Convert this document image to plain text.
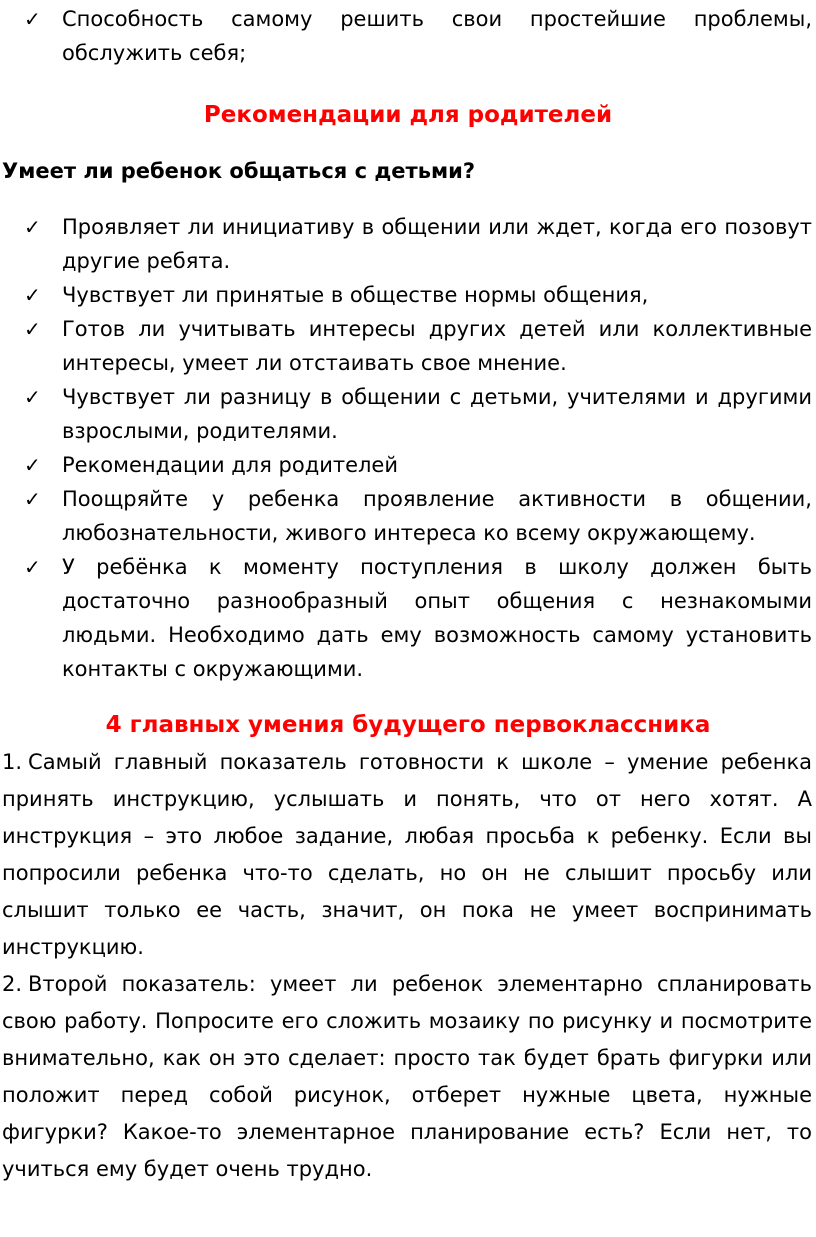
✓	Способность самому решить свои простейшие проблемы, обслужить себя;
Рекомендации для родителей

Умеет ли ребенок общаться с детьми?

✓	Проявляет ли инициативу в общении или ждет, когда его позовут другие ребята.
✓	Чувствует ли принятые в обществе нормы общения,
✓	Готов ли учитывать интересы других детей или коллективные интересы, умеет ли отстаивать свое мнение.
✓	Чувствует ли разницу в общении с детьми, учителями и другими взрослыми, родителями.
✓	Рекомендации для родителей
✓	Поощряйте у ребенка проявление активности в общении, любознательности, живого интереса ко всему окружающему.
✓	У ребёнка к моменту поступления в школу должен быть достаточно разнообразный опыт общения с незнакомыми людьми. Необходимо дать ему возможность самому установить контакты с окружающими.
4 главных умения будущего первоклассника

1. Самый главный показатель готовности к школе – умение ребенка принять инструкцию, услышать и понять, что от него хотят. А инструкция – это любое задание, любая просьба к ребенку. Если вы попросили ребенка что-то сделать, но он не слышит просьбу или слышит только ее часть, значит, он пока не умеет воспринимать инструкцию.

2. Второй показатель: умеет ли ребенок элементарно спланировать свою работу. Попросите его сложить мозаику по рисунку и посмотрите внимательно, как он это сделает: просто так будет брать фигурки или положит перед собой рисунок, отберет нужные цвета, нужные фигурки? Какое-то элементарное планирование есть? Если нет, то учиться ему будет очень трудно.
